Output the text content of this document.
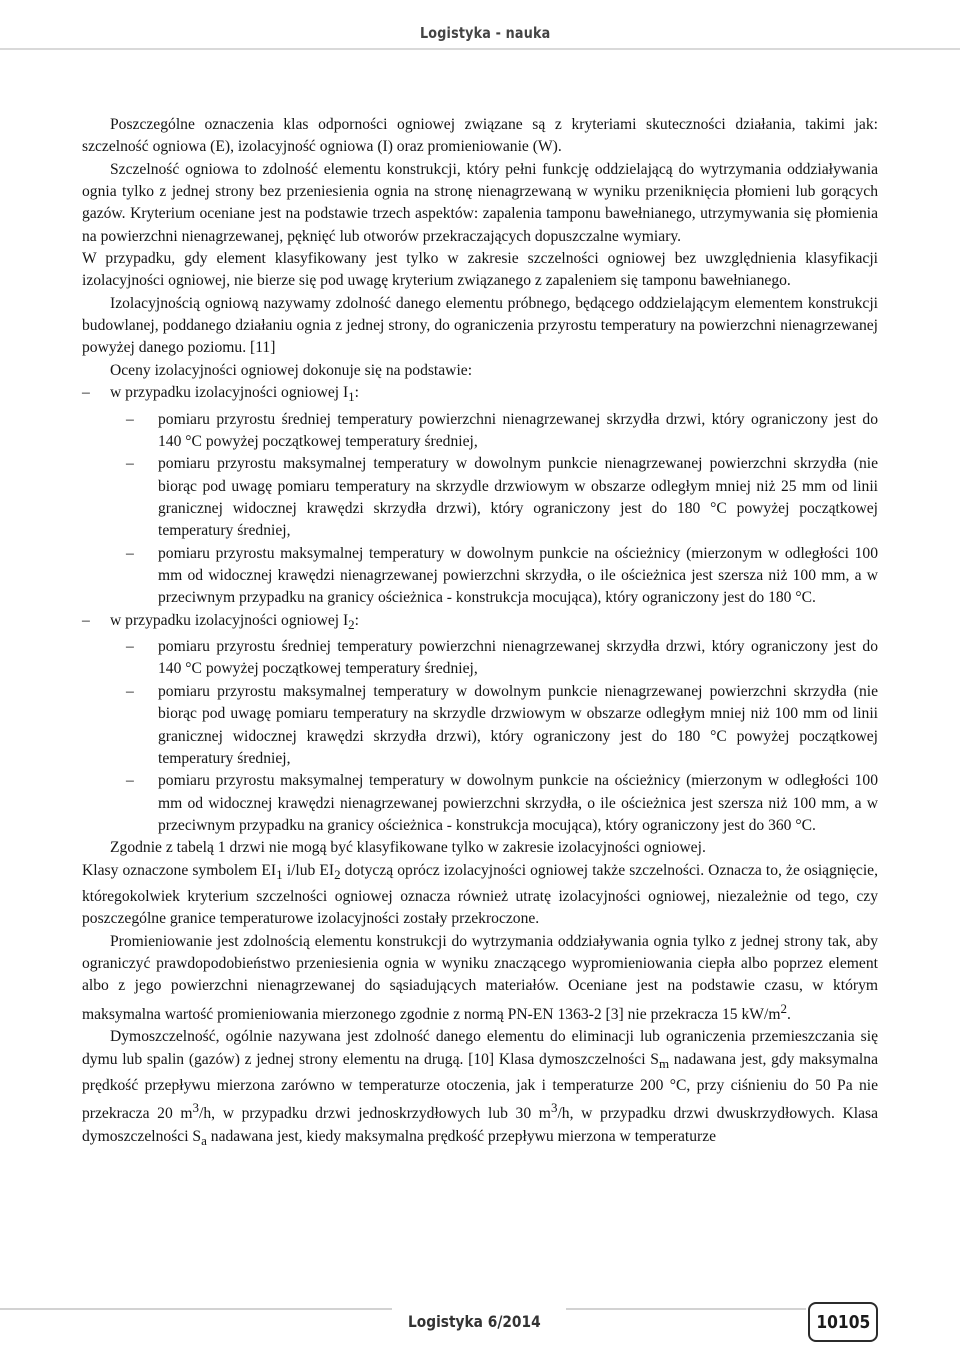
Logistyka - nauka

Poszczególne oznaczenia klas odporności ogniowej związane są z kryteriami skuteczności działania, takimi jak: szczelność ogniowa (E), izolacyjność ogniowa (I) oraz promieniowanie (W).

Szczelność ogniowa to zdolność elementu konstrukcji, który pełni funkcję oddzielającą do wytrzymania oddziaływania ognia tylko z jednej strony bez przeniesienia ognia na stronę nienagrzewaną w wyniku przeniknięcia płomieni lub gorących gazów. Kryterium oceniane jest na podstawie trzech aspektów: zapalenia tamponu bawełnianego, utrzymywania się płomienia na powierzchni nienagrzewanej, pęknięć lub otworów przekraczających dopuszczalne wymiary.

W przypadku, gdy element klasyfikowany jest tylko w zakresie szczelności ogniowej bez uwzględnienia klasyfikacji izolacyjności ogniowej, nie bierze się pod uwagę kryterium związanego z zapaleniem się tamponu bawełnianego.

Izolacyjnością ogniową nazywamy zdolność danego elementu próbnego, będącego oddzielającym elementem konstrukcji budowlanej, poddanego działaniu ognia z jednej strony, do ograniczenia przyrostu temperatury na powierzchni nienagrzewanej powyżej danego poziomu. [11]

Oceny izolacyjności ogniowej dokonuje się na podstawie:

–	w przypadku izolacyjności ogniowej $I_1$:
–	pomiaru przyrostu średniej temperatury powierzchni nienagrzewanej skrzydła drzwi, który ograniczony jest do 140 °C powyżej początkowej temperatury średniej,
–	pomiaru przyrostu maksymalnej temperatury w dowolnym punkcie nienagrzewanej powierzchni skrzydła (nie biorąc pod uwagę pomiaru temperatury na skrzydle drzwiowym w obszarze odległym mniej niż 25 mm od linii granicznej widocznej krawędzi skrzydła drzwi), który ograniczony jest do 180 °C powyżej początkowej temperatury średniej,
–	pomiaru przyrostu maksymalnej temperatury w dowolnym punkcie na ościeżnicy (mierzonym w odległości 100 mm od widocznej krawędzi nienagrzewanej powierzchni skrzydła, o ile ościeżnica jest szersza niż 100 mm, a w przeciwnym przypadku na granicy ościeżnica - konstrukcja mocująca), który ograniczony jest do 180 °C.
–	w przypadku izolacyjności ogniowej $I_2$:
–	pomiaru przyrostu średniej temperatury powierzchni nienagrzewanej skrzydła drzwi, który ograniczony jest do 140 °C powyżej początkowej temperatury średniej,
–	pomiaru przyrostu maksymalnej temperatury w dowolnym punkcie nienagrzewanej powierzchni skrzydła (nie biorąc pod uwagę pomiaru temperatury na skrzydle drzwiowym w obszarze odległym mniej niż 100 mm od linii granicznej widocznej krawędzi skrzydła drzwi), który ograniczony jest do 180 °C powyżej początkowej temperatury średniej,
–	pomiaru przyrostu maksymalnej temperatury w dowolnym punkcie na ościeżnicy (mierzonym w odległości 100 mm od widocznej krawędzi nienagrzewanej powierzchni skrzydła, o ile ościeżnica jest szersza niż 100 mm, a w przeciwnym przypadku na granicy ościeżnica - konstrukcja mocująca), który ograniczony jest do 360 °C.

Zgodnie z tabelą 1 drzwi nie mogą być klasyfikowane tylko w zakresie izolacyjności ogniowej.

Klasy oznaczone symbolem $EI_1$ i/lub $EI_2$ dotyczą oprócz izolacyjności ogniowej także szczelności. Oznacza to, że osiągnięcie, któregokolwiek kryterium szczelności ogniowej oznacza również utratę izolacyjności ogniowej, niezależnie od tego, czy poszczególne granice temperaturowe izolacyjności zostały przekroczone.

Promieniowanie jest zdolnością elementu konstrukcji do wytrzymania oddziaływania ognia tylko z jednej strony tak, aby ograniczyć prawdopodobieństwo przeniesienia ognia w wyniku znaczącego wypromieniowania ciepła albo poprzez element albo z jego powierzchni nienagrzewanej do sąsiadujących materiałów. Oceniane jest na podstawie czasu, w którym maksymalna wartość promieniowania mierzonego zgodnie z normą PN-EN 1363-2 [3] nie przekracza 15 $kW/m^2$.

Dymoszczelność, ogólnie nazywana jest zdolność danego elementu do eliminacji lub ograniczenia przemieszczania się dymu lub spalin (gazów) z jednej strony elementu na drugą. [10] Klasa dymoszczelności $S_m$ nadawana jest, gdy maksymalna prędkość przepływu mierzona zarówno w temperaturze otoczenia, jak i temperaturze 200 °C, przy ciśnieniu do 50 Pa nie przekracza 20 $m^3/h$, w przypadku drzwi jednoskrzydłowych lub 30 $m^3/h$, w przypadku drzwi dwuskrzydłowych. Klasa dymoszczelności $S_a$ nadawana jest, kiedy maksymalna prędkość przepływu mierzona w temperaturze

Logistyka 6/2014	10105
